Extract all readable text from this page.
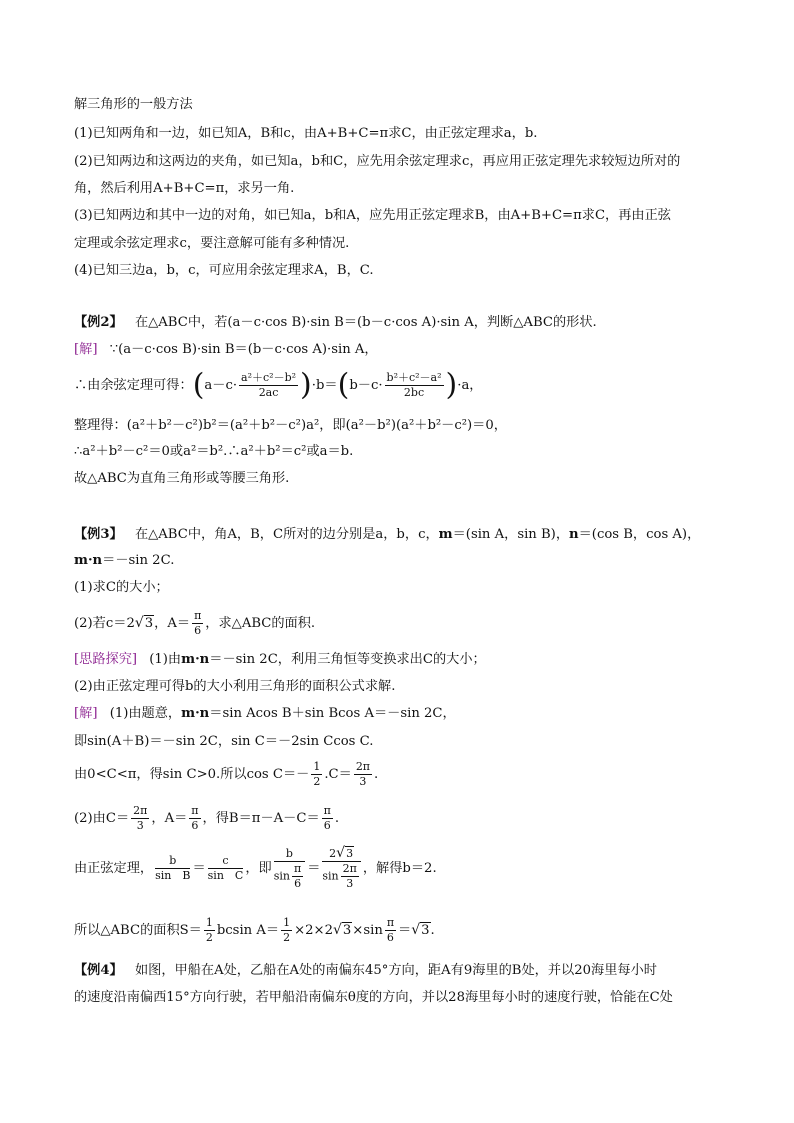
解三角形的一般方法
(1)已知两角和一边，如已知A，B和c，由A+B+C=π求C，由正弦定理求a，b.
(2)已知两边和这两边的夹角，如已知a，b和C，应先用余弦定理求c，再应用正弦定理先求较短边所对的
角，然后利用A+B+C=π，求另一角.
(3)已知两边和其中一边的对角，如已知a，b和A，应先用正弦定理求B，由A+B+C=π求C，再由正弦
定理或余弦定理求c，要注意解可能有多种情况.
(4)已知三边a，b，c，可应用余弦定理求A，B，C.
【例2】 在△ABC中，若(a－c·cos B)·sin B＝(b－c·cos A)·sin A，判断△ABC的形状.
[解] ∵(a－c·cos B)·sin B＝(b－c·cos A)·sin A，
∴由余弦定理可得：$(a-c\cdot \frac{\text{a²＋c²－b²}}{2ac} )\cdot b=(b-c\cdot \frac{\text{b²＋c²－a²}}{2bc} )\cdot a$，
整理得：(a²＋b²－c²)b²＝(a²＋b²－c²)a²，即(a²－b²)(a²＋b²－c²)＝0，
∴a²＋b²－c²＝0或a²＝b².∴a²＋b²＝c²或a＝b.
故△ABC为直角三角形或等腰三角形.
【例3】 在△ABC中，角A，B，C所对的边分别是a，b，c，m＝(sin A，sin B)，n＝(cos B，cos A)，
m·n＝－sin 2C.
(1)求C的大小；
(2)若c＝2√3，$A= \frac{\pi}{6}$ ，求△ABC的面积.
[思路探究] (1)由m·n＝－sin 2C，利用三角恒等变换求出C的大小；
(2)由正弦定理可得b的大小利用三角形的面积公式求解.
[解] (1)由题意，m·n＝sin Acos B＋sin Bcos A＝－sin 2C，
即sin(A＋B)＝－sin 2C，sin C＝－2sin Ccos C.
由0<C<π，得sin C>0.所以$\cos C=- \frac{1}{2} .C= \frac{2\pi}{3}$ .
(2)由$C= \frac{2\pi}{3}$ ，$A= \frac{\pi}{6}$ ，得$B=\pi-A-C= \frac{\pi}{6}$ .
由正弦定理， $\frac{b}{\text{sin　B}} = \frac{c}{\text{sin　C}}$ ，即 $\frac{b}{\sin \frac{\pi}{6}} = \frac{2√3}{\sin \frac{2\pi}{3}}$ ，解得b＝2.
所以△ABC的面积$S= \frac{1}{2}$ bcsin $A= \frac{1}{2} \times 2\times 2√3\times\sin \frac{\pi}{6} =√3$.
【例4】 如图，甲船在A处，乙船在A处的南偏东45°方向，距A有9海里的B处，并以20海里每小时
的速度沿南偏西15°方向行驶，若甲船沿南偏东θ度的方向，并以28海里每小时的速度行驶，恰能在C处
